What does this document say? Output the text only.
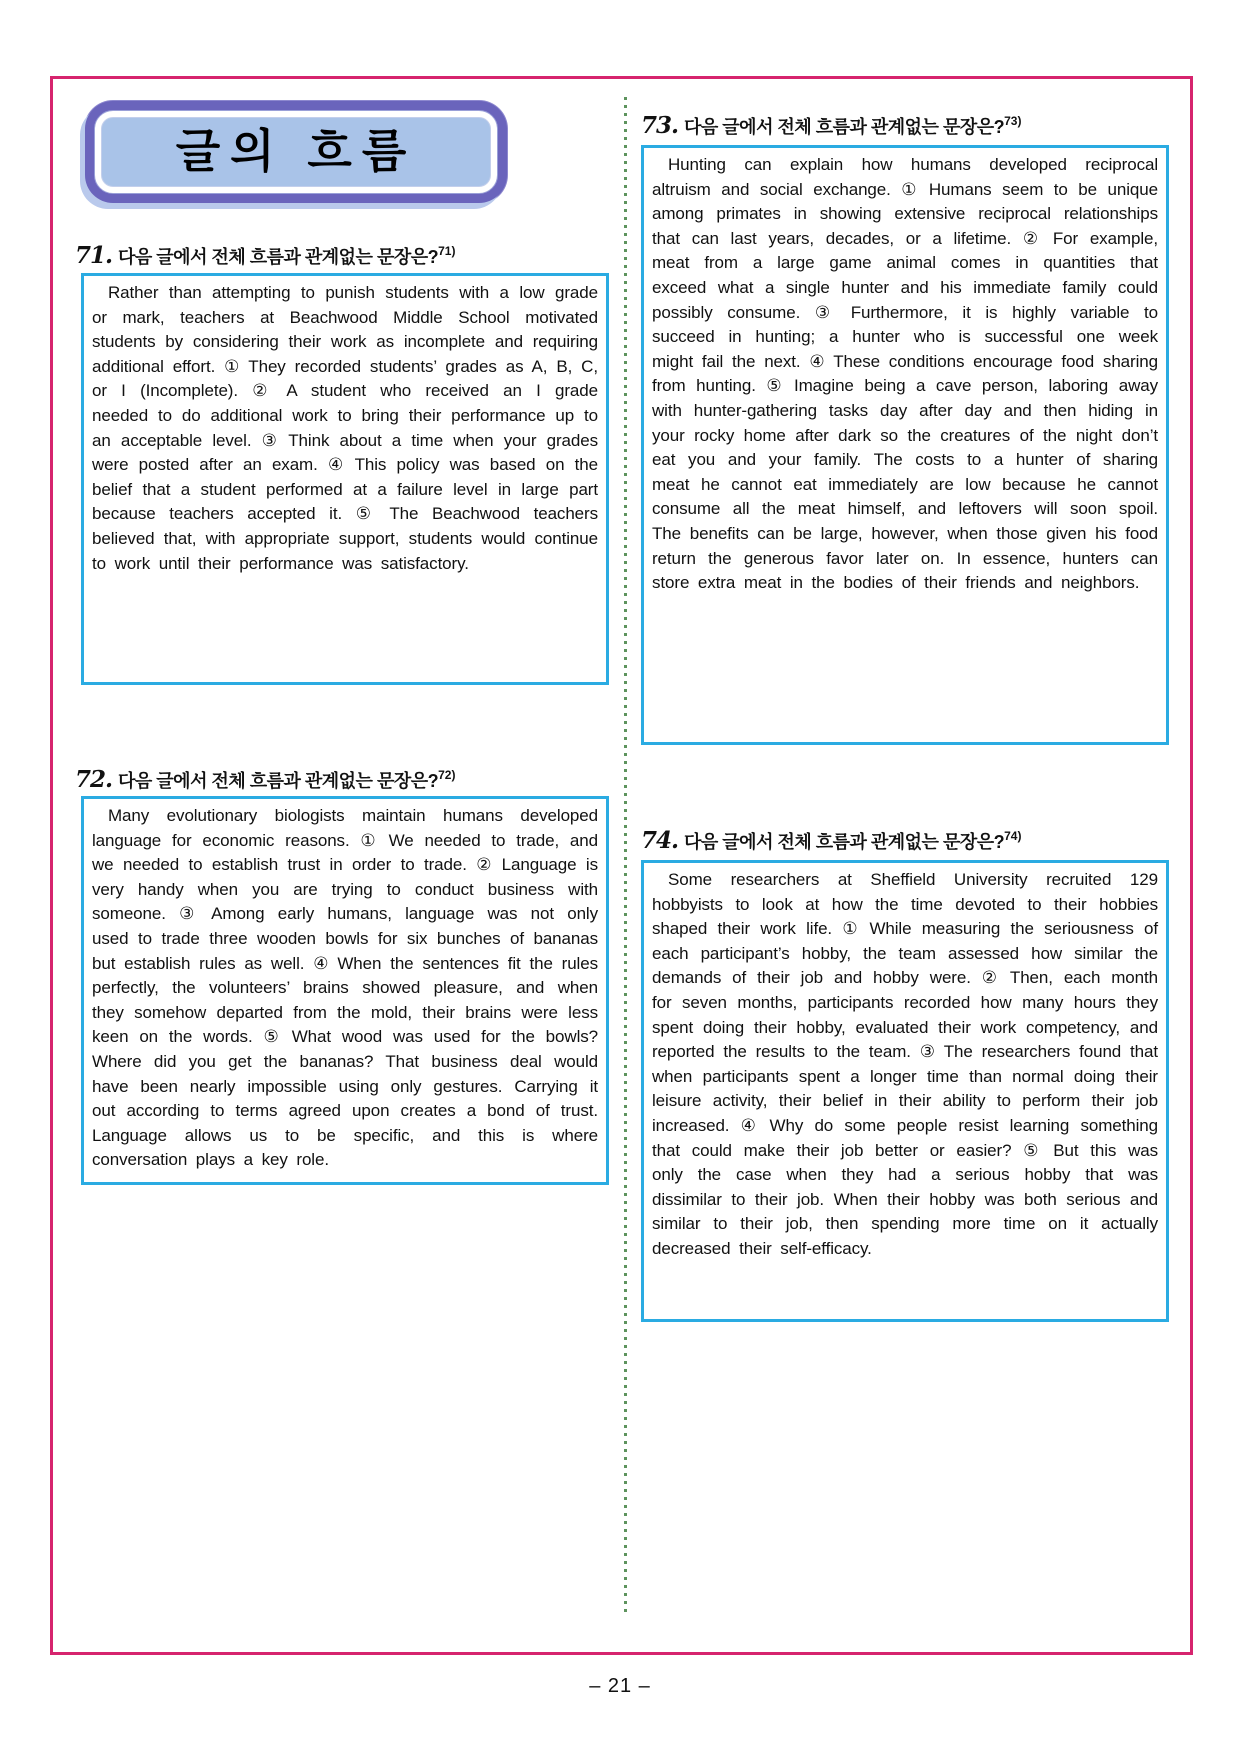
글의 흐름
71. 다음 글에서 전체 흐름과 관계없는 문장은?$^{71)}$
Rather than attempting to punish students with a low grade or mark, teachers at Beachwood Middle School motivated students by considering their work as incomplete and requiring additional effort. ① They recorded students’ grades as A, B, C, or I (Incomplete). ② A student who received an I grade needed to do additional work to bring their performance up to an acceptable level. ③ Think about a time when your grades were posted after an exam. ④ This policy was based on the belief that a student performed at a failure level in large part because teachers accepted it. ⑤ The Beachwood teachers believed that, with appropriate support, students would continue to work until their performance was satisfactory.
72. 다음 글에서 전체 흐름과 관계없는 문장은?$^{72)}$
Many evolutionary biologists maintain humans developed language for economic reasons. ① We needed to trade, and we needed to establish trust in order to trade. ② Language is very handy when you are trying to conduct business with someone. ③ Among early humans, language was not only used to trade three wooden bowls for six bunches of bananas but establish rules as well. ④ When the sentences fit the rules perfectly, the volunteers’ brains showed pleasure, and when they somehow departed from the mold, their brains were less keen on the words. ⑤ What wood was used for the bowls? Where did you get the bananas? That business deal would have been nearly impossible using only gestures. Carrying it out according to terms agreed upon creates a bond of trust. Language allows us to be specific, and this is where conversation plays a key role.
73. 다음 글에서 전체 흐름과 관계없는 문장은?$^{73)}$
Hunting can explain how humans developed reciprocal altruism and social exchange. ① Humans seem to be unique among primates in showing extensive reciprocal relationships that can last years, decades, or a lifetime. ② For example, meat from a large game animal comes in quantities that exceed what a single hunter and his immediate family could possibly consume. ③ Furthermore, it is highly variable to succeed in hunting; a hunter who is successful one week might fail the next. ④ These conditions encourage food sharing from hunting. ⑤ Imagine being a cave person, laboring away with hunter-gathering tasks day after day and then hiding in your rocky home after dark so the creatures of the night don’t eat you and your family. The costs to a hunter of sharing meat he cannot eat immediately are low because he cannot consume all the meat himself, and leftovers will soon spoil. The benefits can be large, however, when those given his food return the generous favor later on. In essence, hunters can store extra meat in the bodies of their friends and neighbors.
74. 다음 글에서 전체 흐름과 관계없는 문장은?$^{74)}$
Some researchers at Sheffield University recruited 129 hobbyists to look at how the time devoted to their hobbies shaped their work life. ① While measuring the seriousness of each participant’s hobby, the team assessed how similar the demands of their job and hobby were. ② Then, each month for seven months, participants recorded how many hours they spent doing their hobby, evaluated their work competency, and reported the results to the team. ③ The researchers found that when participants spent a longer time than normal doing their leisure activity, their belief in their ability to perform their job increased. ④ Why do some people resist learning something that could make their job better or easier? ⑤ But this was only the case when they had a serious hobby that was dissimilar to their job. When their hobby was both serious and similar to their job, then spending more time on it actually decreased their self-efficacy.
– 21 –
